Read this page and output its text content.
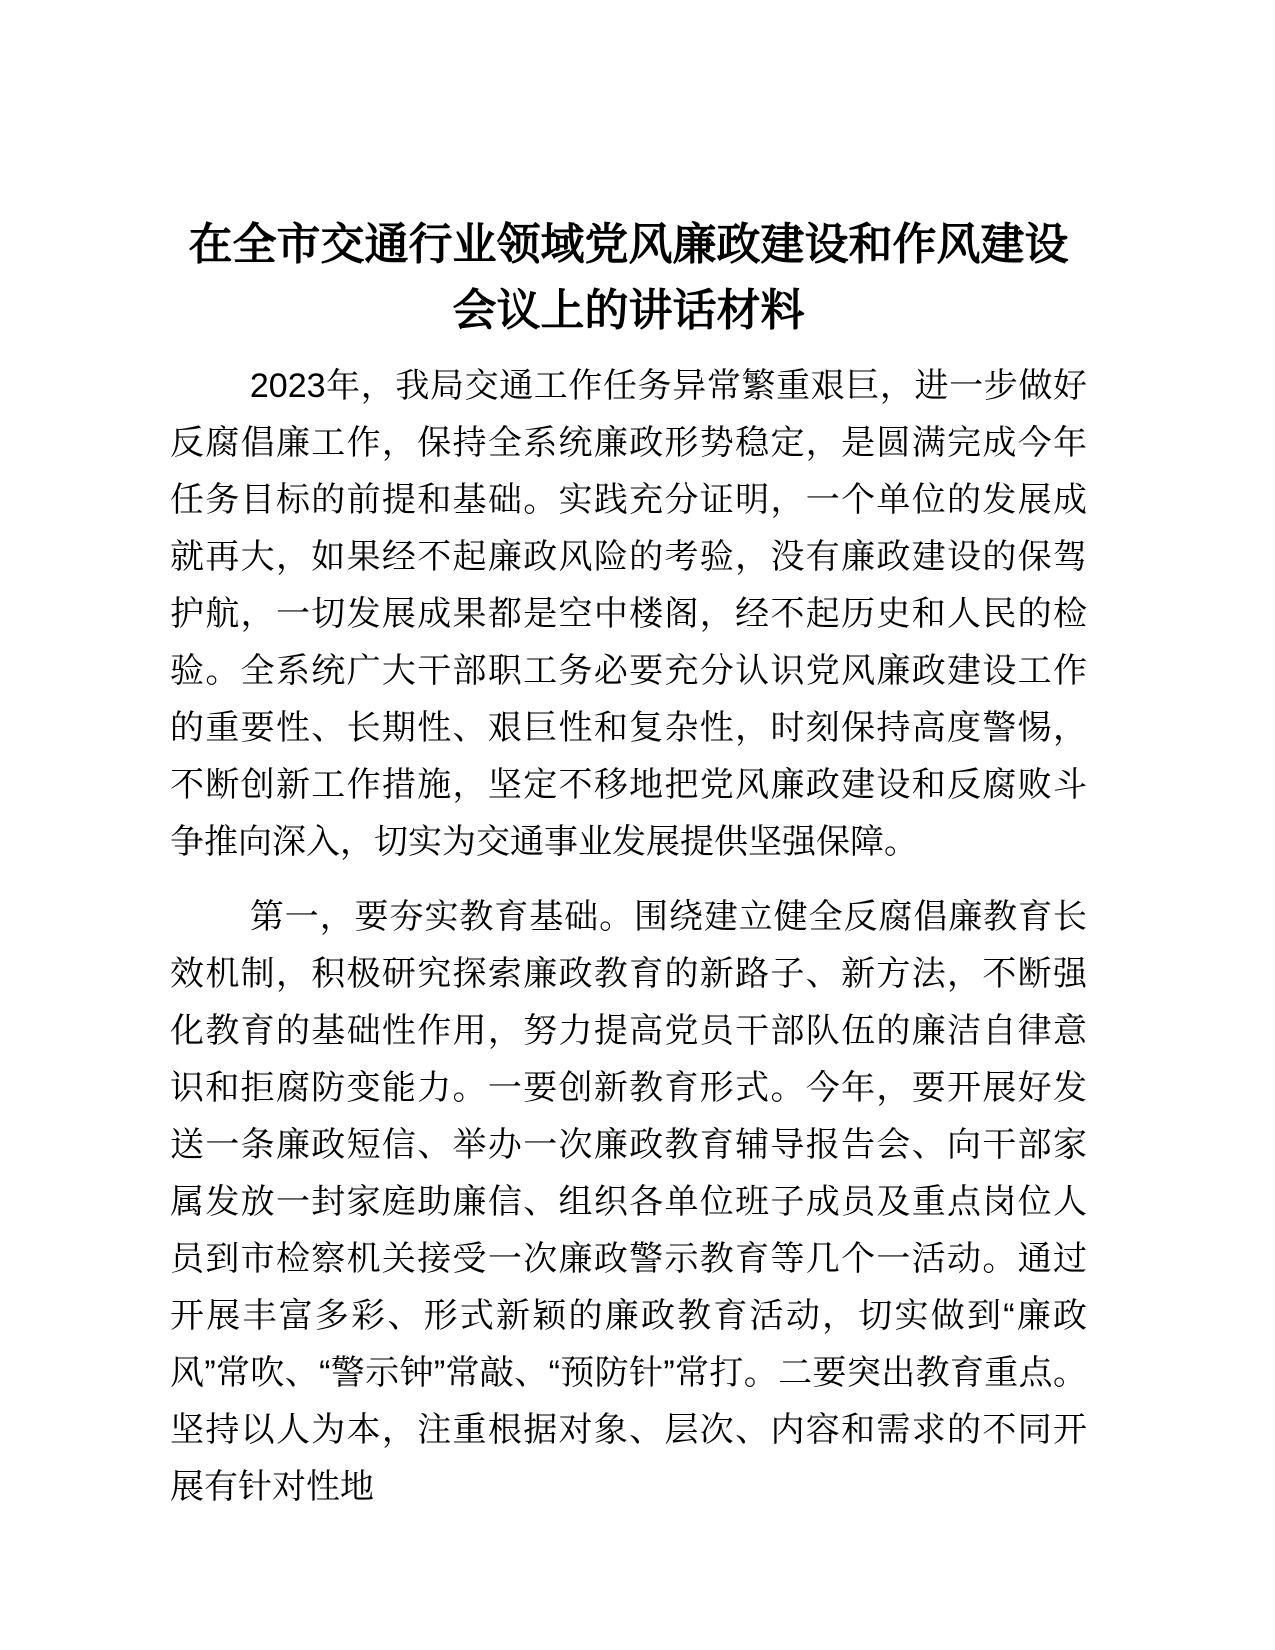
在全市交通行业领域党风廉政建设和作风建设会议上的讲话材料

2023年，我局交通工作任务异常繁重艰巨，进一步做好反腐倡廉工作，保持全系统廉政形势稳定，是圆满完成今年任务目标的前提和基础。实践充分证明，一个单位的发展成就再大，如果经不起廉政风险的考验，没有廉政建设的保驾护航，一切发展成果都是空中楼阁，经不起历史和人民的检验。全系统广大干部职工务必要充分认识党风廉政建设工作的重要性、长期性、艰巨性和复杂性，时刻保持高度警惕，不断创新工作措施，坚定不移地把党风廉政建设和反腐败斗争推向深入，切实为交通事业发展提供坚强保障。

第一，要夯实教育基础。围绕建立健全反腐倡廉教育长效机制，积极研究探索廉政教育的新路子、新方法，不断强化教育的基础性作用，努力提高党员干部队伍的廉洁自律意识和拒腐防变能力。一要创新教育形式。今年，要开展好发送一条廉政短信、举办一次廉政教育辅导报告会、向干部家属发放一封家庭助廉信、组织各单位班子成员及重点岗位人员到市检察机关接受一次廉政警示教育等几个一活动。通过开展丰富多彩、形式新颖的廉政教育活动，切实做到“廉政风”常吹、“警示钟”常敲、“预防针”常打。二要突出教育重点。坚持以人为本，注重根据对象、层次、内容和需求的不同开展有针对性地
